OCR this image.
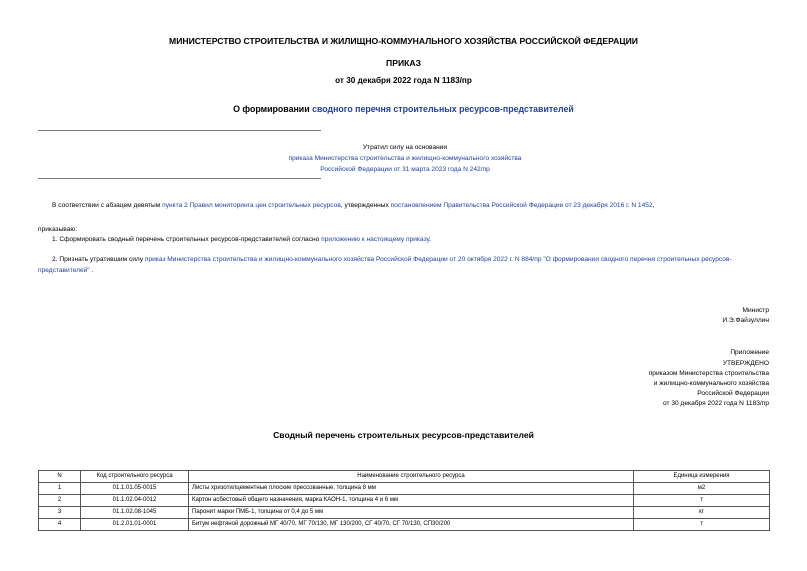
МИНИСТЕРСТВО СТРОИТЕЛЬСТВА И ЖИЛИЩНО-КОММУНАЛЬНОГО ХОЗЯЙСТВА РОССИЙСКОЙ ФЕДЕРАЦИИ
ПРИКАЗ
от 30 декабря 2022 года N 1183/пр
О формировании сводного перечня строительных ресурсов-представителей
Утратил силу на основании
приказа Министерства строительства и жилищно-коммунального хозяйства
Российской Федерации от 31 марта 2023 года N 242/пр
В соответствии с абзацем девятым пункта 2 Правил мониторинга цен строительных ресурсов, утвержденных постановлением Правительства Российской Федерации от 23 декабря 2016 г. N 1452,
приказываю:
1. Сформировать сводный перечень строительных ресурсов-представителей согласно приложению к настоящему приказу.
2. Признать утратившим силу приказ Министерства строительства и жилищно-коммунального хозяйства Российской Федерации от 20 октября 2022 г. N 884/пр "О формировании сводного перечня строительных ресурсов-представителей" .
Министр
И.Э.Файзуллин
Приложение
УТВЕРЖДЕНО
приказом Министерства строительства
и жилищно-коммунального хозяйства
Российской Федерации
от 30 декабря 2022 года N 1183/пр
Сводный перечень строительных ресурсов-представителей
N	Код строительного ресурса	Наименование строительного ресурса	Единица измерения
1	01.1.01.05-0015	Листы хризотилцементные плоские прессованные, толщина 8 мм	м2
2	01.1.02.04-0012	Картон асбестовый общего назначения, марка КАОН-1, толщина 4 и 6 мм	т
3	01.1.02.08-1045	Паронит марки ПМБ-1, толщина от 0,4 до 5 мм	кг
4	01.2.01.01-0001	Битум нефтяной дорожный МГ 40/70, МГ 70/130, МГ 130/200, СГ 40/70, СГ 70/130, СП30/200	т
